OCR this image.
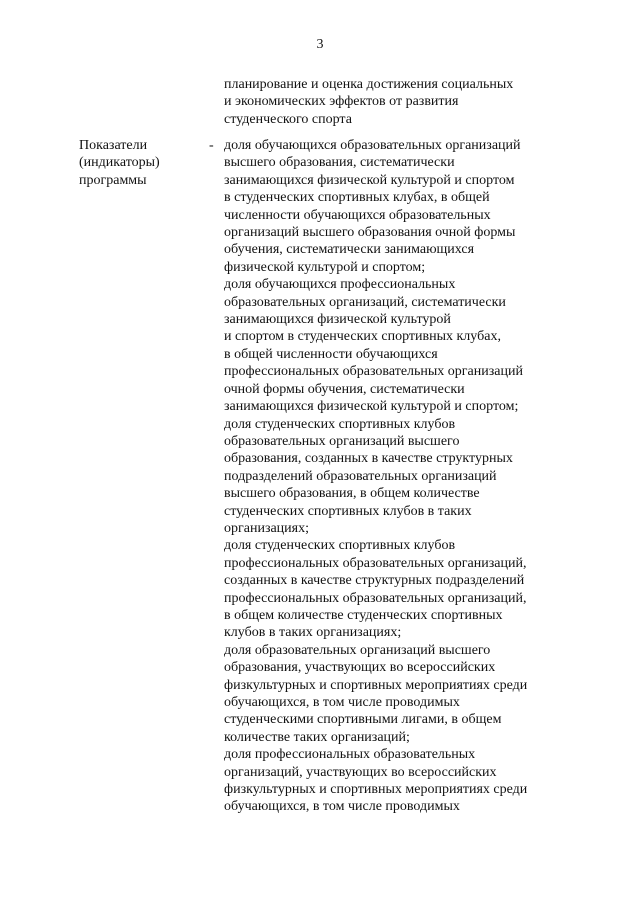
3
планирование и оценка достижения социальных
и экономических эффектов от развития
студенческого спорта
Показатели
(индикаторы)
программы
- доля обучающихся образовательных организаций
высшего образования, систематически
занимающихся физической культурой и спортом
в студенческих спортивных клубах, в общей
численности обучающихся образовательных
организаций высшего образования очной формы
обучения, систематически занимающихся
физической культурой и спортом;
доля обучающихся профессиональных
образовательных организаций, систематически
занимающихся физической культурой
и спортом в студенческих спортивных клубах,
в общей численности обучающихся
профессиональных образовательных организаций
очной формы обучения, систематически
занимающихся физической культурой и спортом;
доля студенческих спортивных клубов
образовательных организаций высшего
образования, созданных в качестве структурных
подразделений образовательных организаций
высшего образования, в общем количестве
студенческих спортивных клубов в таких
организациях;
доля студенческих спортивных клубов
профессиональных образовательных организаций,
созданных в качестве структурных подразделений
профессиональных образовательных организаций,
в общем количестве студенческих спортивных
клубов в таких организациях;
доля образовательных организаций высшего
образования, участвующих во всероссийских
физкультурных и спортивных мероприятиях среди
обучающихся, в том числе проводимых
студенческими спортивными лигами, в общем
количестве таких организаций;
доля профессиональных образовательных
организаций, участвующих во всероссийских
физкультурных и спортивных мероприятиях среди
обучающихся, в том числе проводимых
